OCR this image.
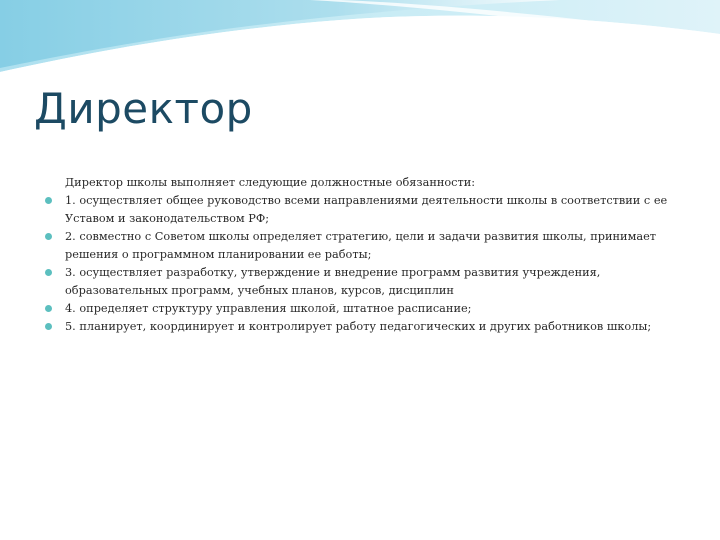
Директор
Директор школы выполняет следующие должностные обязанности:
1. осуществляет общее руководство всеми направлениями деятельности школы в соответствии с ее Уставом и законодательством РФ;
2. совместно с Советом школы определяет стратегию, цели и задачи развития школы, принимает решения о программном планировании ее работы;
3. осуществляет разработку, утверждение и внедрение программ развития учреждения, образовательных программ, учебных планов, курсов, дисциплин
4. определяет структуру управления школой, штатное расписание;
5. планирует, координирует и контролирует работу педагогических и других работников школы;
